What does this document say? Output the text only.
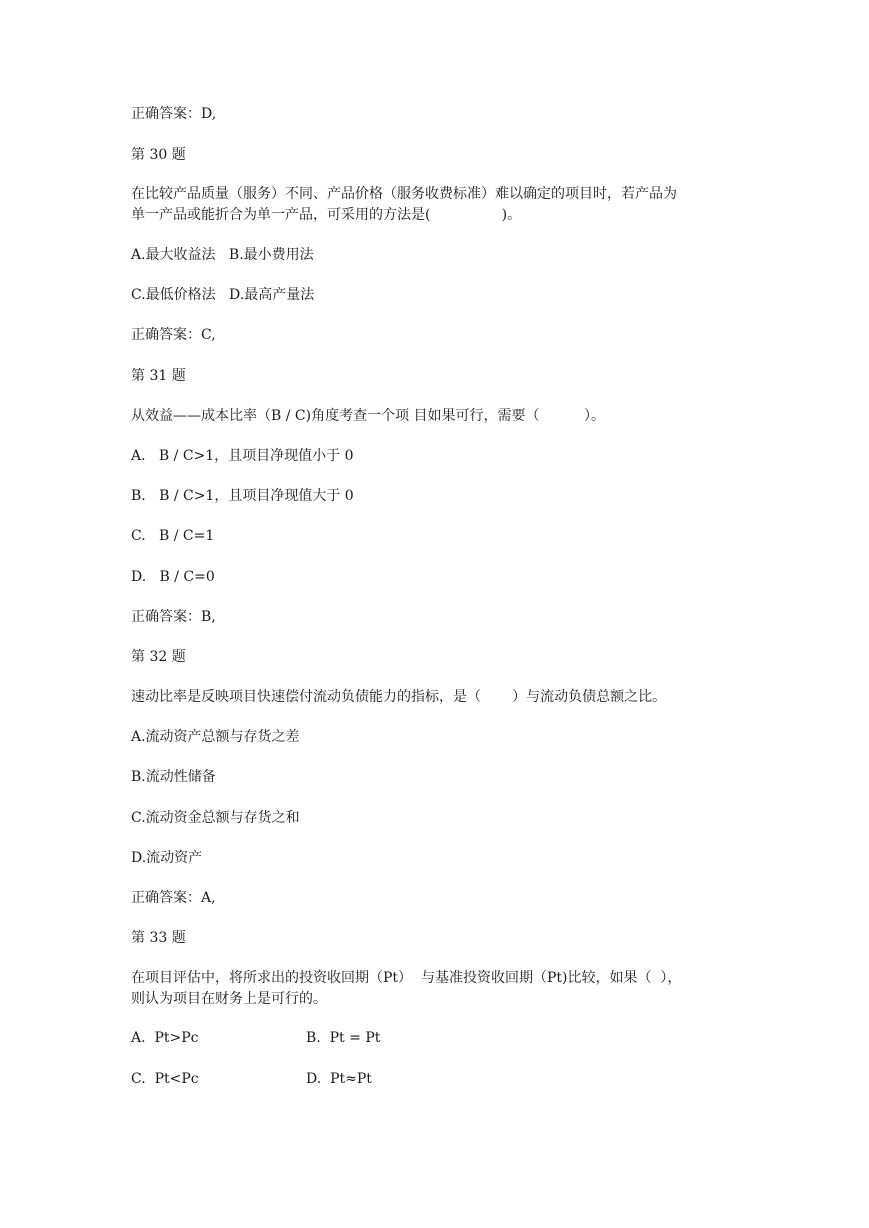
正确答案：D,
第 30 题
在比较产品质量（服务）不同、产品价格（服务收费标准）难以确定的项目时，若产品为
单一产品或能折合为单一产品，可采用的方法是(                )。
A.最大收益法   B.最小费用法
C.最低价格法   D.最高产量法
正确答案：C,
第 31 题
从效益——成本比率（B / C)角度考查一个项 目如果可行，需要（          ）。
A.   B / C>1，且项目净现值小于 0
B.   B / C>1，且项目净现值大于 0
C.   B / C=1
D.   B / C=0
正确答案：B,
第 32 题
速动比率是反映项目快速偿付流动负债能力的指标，是（       ）与流动负债总额之比。
A.流动资产总额与存货之差
B.流动性储备
C.流动资金总额与存货之和
D.流动资产
正确答案：A,
第 33 题
在项目评估中，将所求出的投资收回期（Pt）  与基准投资收回期（Pt)比较，如果（  ），
则认为项目在财务上是可行的。
A.  Pt>Pc	B.  Pt = Pt
C.  Pt<Pc	D.  Pt≈Pt
